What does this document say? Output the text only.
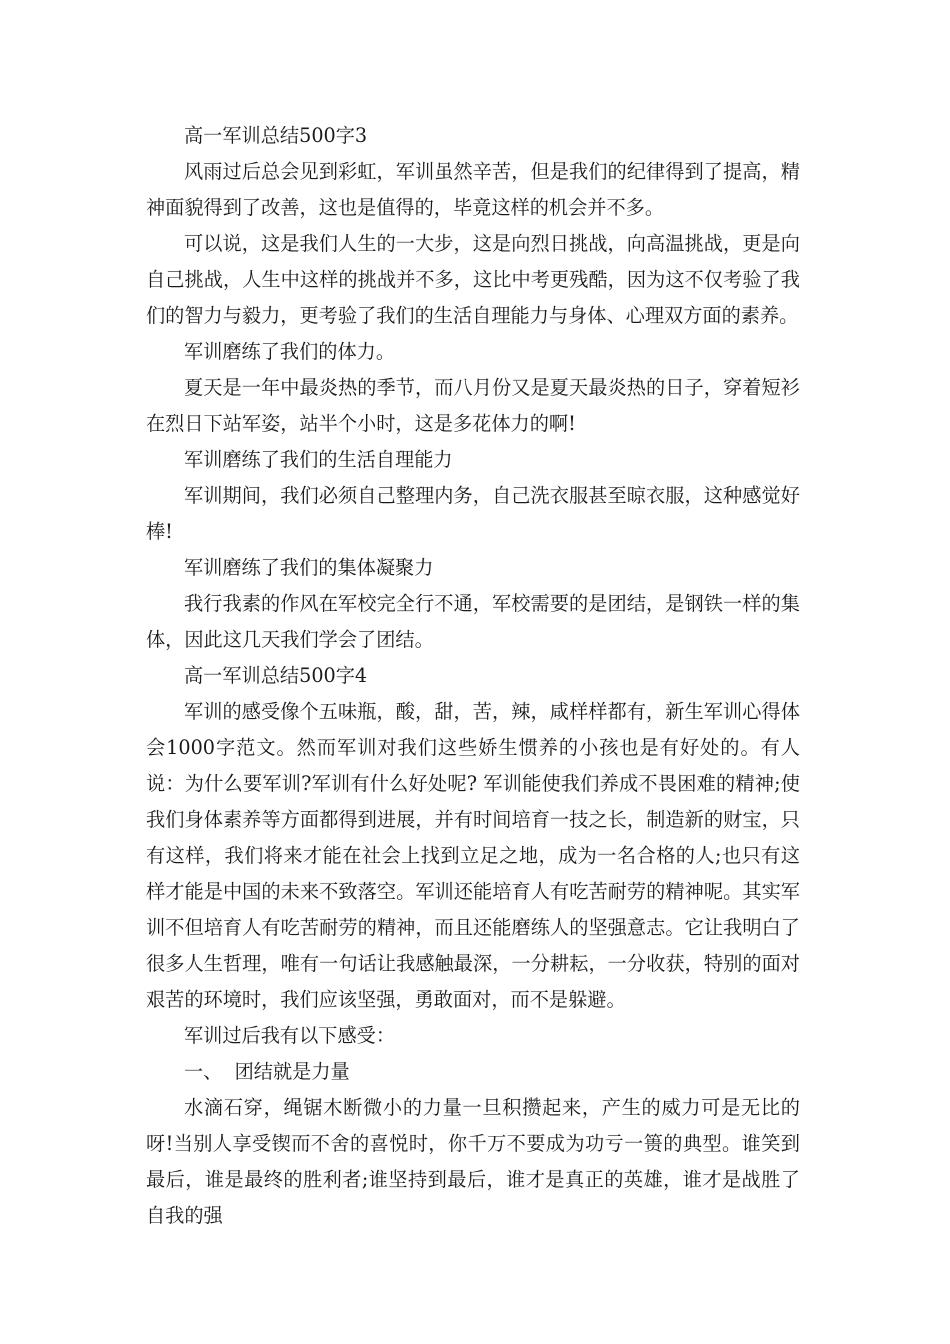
高一军训总结500字3

风雨过后总会见到彩虹，军训虽然辛苦，但是我们的纪律得到了提高，精神面貌得到了改善，这也是值得的，毕竟这样的机会并不多。

可以说，这是我们人生的一大步，这是向烈日挑战，向高温挑战，更是向自己挑战，人生中这样的挑战并不多，这比中考更残酷，因为这不仅考验了我们的智力与毅力，更考验了我们的生活自理能力与身体、心理双方面的素养。

军训磨练了我们的体力。

夏天是一年中最炎热的季节，而八月份又是夏天最炎热的日子，穿着短衫在烈日下站军姿，站半个小时，这是多花体力的啊!

军训磨练了我们的生活自理能力

军训期间，我们必须自己整理内务，自己洗衣服甚至晾衣服，这种感觉好棒!

军训磨练了我们的集体凝聚力

我行我素的作风在军校完全行不通，军校需要的是团结，是钢铁一样的集体，因此这几天我们学会了团结。

高一军训总结500字4

军训的感受像个五味瓶，酸，甜，苦，辣，咸样样都有，新生军训心得体会1000字范文。然而军训对我们这些娇生惯养的小孩也是有好处的。有人说：为什么要军训?军训有什么好处呢? 军训能使我们养成不畏困难的精神;使我们身体素养等方面都得到进展，并有时间培育一技之长，制造新的财宝，只有这样，我们将来才能在社会上找到立足之地，成为一名合格的人;也只有这样才能是中国的未来不致落空。军训还能培育人有吃苦耐劳的精神呢。其实军训不但培育人有吃苦耐劳的精神，而且还能磨练人的坚强意志。它让我明白了很多人生哲理，唯有一句话让我感触最深，一分耕耘，一分收获，特别的面对艰苦的环境时，我们应该坚强，勇敢面对，而不是躲避。

军训过后我有以下感受：

一、  团结就是力量

水滴石穿，绳锯木断微小的力量一旦积攒起来，产生的威力可是无比的呀!当别人享受锲而不舍的喜悦时，你千万不要成为功亏一篑的典型。谁笑到最后，谁是最终的胜利者;谁坚持到最后，谁才是真正的英雄，谁才是战胜了自我的强
